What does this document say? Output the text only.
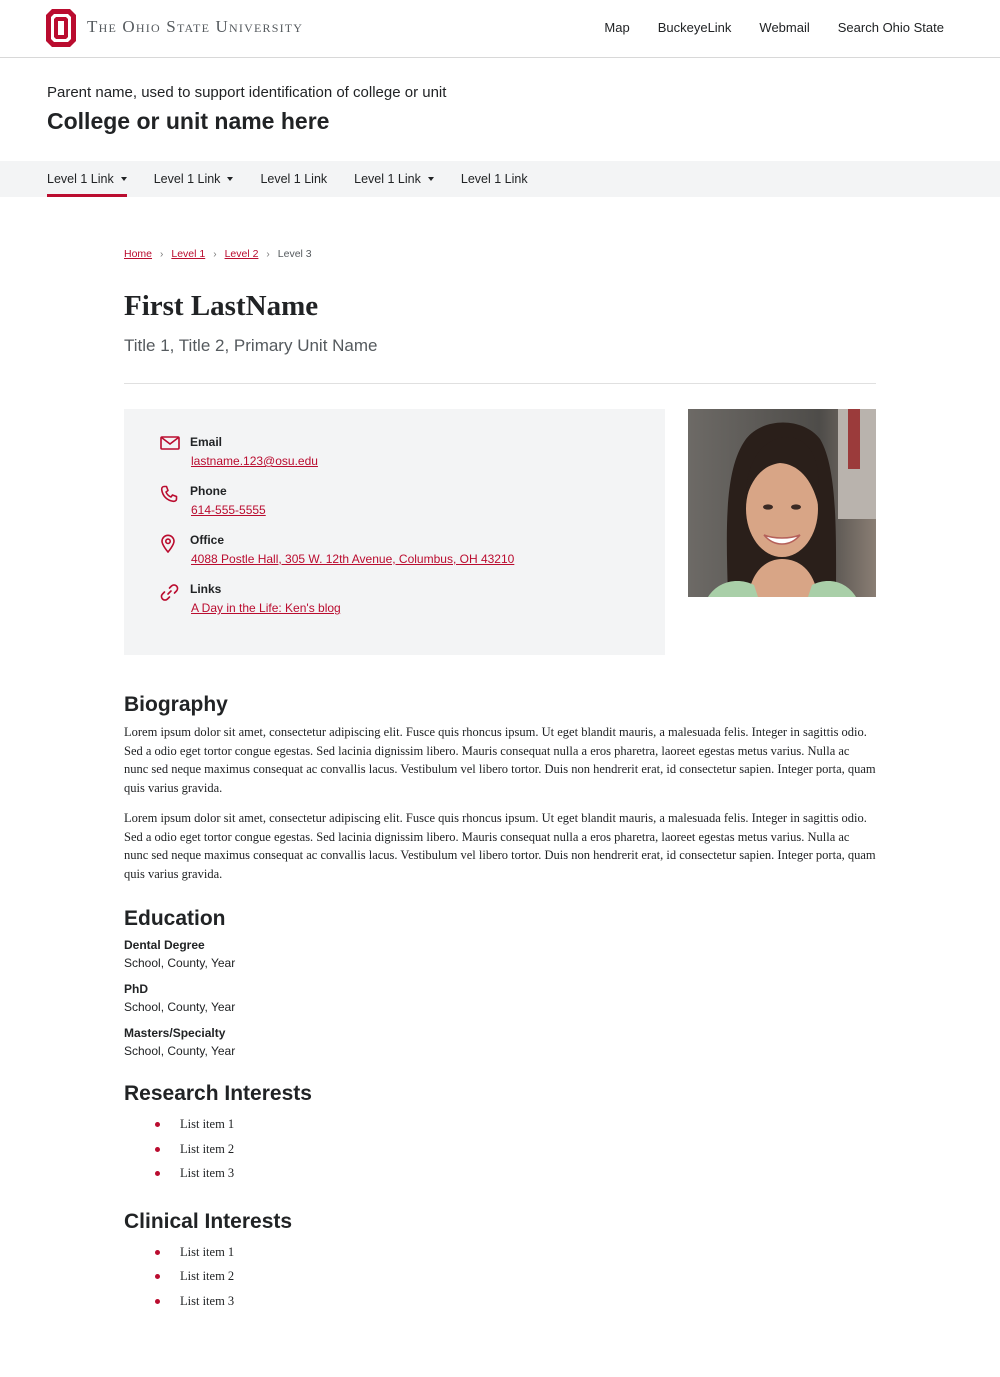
The Ohio State University	Map BuckeyeLink Webmail Search Ohio State
Parent name, used to support identification of college or unit
College or unit name here
Level 1 Link	Level 1 Link	Level 1 Link Level 1 Link	Level 1 Link
Home › Level 1 › Level 2 › Level 3
First LastName
Title 1, Title 2, Primary Unit Name
Email
lastname.123@osu.edu
Phone
614-555-5555
Office
4088 Postle Hall, 305 W. 12th Avenue, Columbus, OH 43210
Links
A Day in the Life: Ken's blog
Biography

Lorem ipsum dolor sit amet, consectetur adipiscing elit. Fusce quis rhoncus ipsum. Ut eget blandit mauris, a malesuada felis. Integer in sagittis odio. Sed a odio eget tortor congue egestas. Sed lacinia dignissim libero. Mauris consequat nulla a eros pharetra, laoreet egestas metus varius. Nulla ac nunc sed neque maximus consequat ac convallis lacus. Vestibulum vel libero tortor. Duis non hendrerit erat, id consectetur sapien. Integer porta, quam quis varius gravida.

Lorem ipsum dolor sit amet, consectetur adipiscing elit. Fusce quis rhoncus ipsum. Ut eget blandit mauris, a malesuada felis. Integer in sagittis odio. Sed a odio eget tortor congue egestas. Sed lacinia dignissim libero. Mauris consequat nulla a eros pharetra, laoreet egestas metus varius. Nulla ac nunc sed neque maximus consequat ac convallis lacus. Vestibulum vel libero tortor. Duis non hendrerit erat, id consectetur sapien. Integer porta, quam quis varius gravida.

Education
Dental Degree
School, County, Year
PhD
School, County, Year
Masters/Specialty
School, County, Year
Research Interests
List item 1
List item 2
List item 3
Clinical Interests
List item 1
List item 2
List item 3
